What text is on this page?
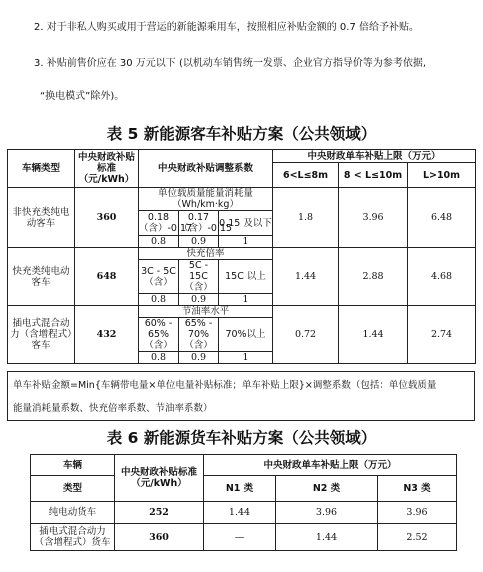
2. 对于非私人购买或用于营运的新能源乘用车，按照相应补贴金额的 0.7 倍给予补贴。
3. 补贴前售价应在 30 万元以下 (以机动车销售统一发票、企业官方指导价等为参考依据,
“换电模式”除外)。
表 5 新能源客车补贴方案（公共领域）
车辆类型	中央财政补贴标准（元/kWh）	中央财政补贴调整系数			中央财政单车补贴上限（万元）		
					6<L≤8m	8 < L≤10m	L>10m
非快充类纯电动客车	360	单位载质量能量消耗量（Wh/km·kg）			1.8	3.96	6.48
		0.18（含）-0.17	0.17（含）-0.15	0.15 及以下			
		0.8	0.9	1			
快充类纯电动客车	648	快充倍率			1.44	2.88	4.68
		3C - 5C（含）	5C - 15C（含）	15C 以上			
		0.8	0.9	1			
插电式混合动力（含增程式）客车	432	节油率水平			0.72	1.44	2.74
		60% - 65%（含）	65% - 70%（含）	70%以上			
		0.8	0.9	1			
单车补贴金额=Min{车辆带电量×单位电量补贴标准；单车补贴上限}×调整系数（包括：单位载质量
能量消耗量系数、快充倍率系数、节油率系数）
表 6 新能源货车补贴方案（公共领域）
车辆	中央财政补贴标准（元/kWh）	中央财政单车补贴上限（万元）		
类型		N1 类	N2 类	N3 类
纯电动货车	252	1.44	3.96	3.96
插电式混合动力（含增程式）货车	360	—	1.44	2.52
